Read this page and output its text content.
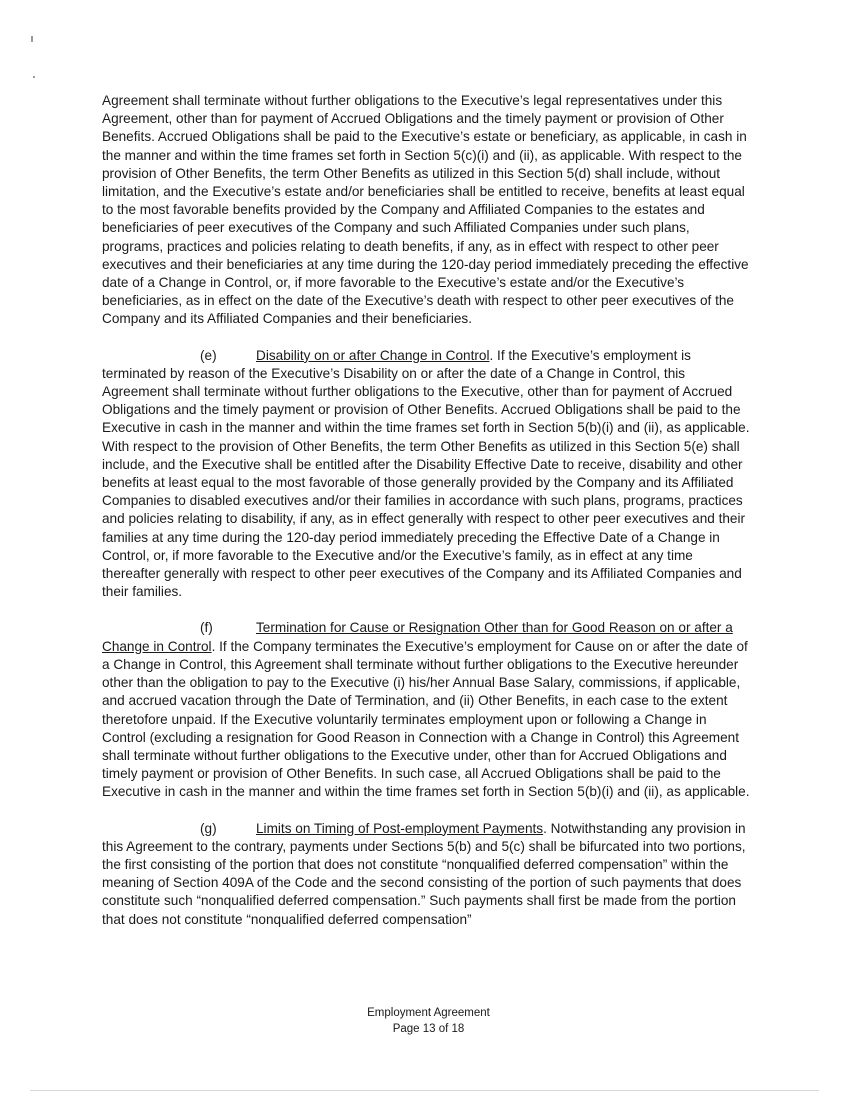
Agreement shall terminate without further obligations to the Executive’s legal representatives under this Agreement, other than for payment of Accrued Obligations and the timely payment or provision of Other Benefits. Accrued Obligations shall be paid to the Executive’s estate or beneficiary, as applicable, in cash in the manner and within the time frames set forth in Section 5(c)(i) and (ii), as applicable. With respect to the provision of Other Benefits, the term Other Benefits as utilized in this Section 5(d) shall include, without limitation, and the Executive’s estate and/or beneficiaries shall be entitled to receive, benefits at least equal to the most favorable benefits provided by the Company and Affiliated Companies to the estates and beneficiaries of peer executives of the Company and such Affiliated Companies under such plans, programs, practices and policies relating to death benefits, if any, as in effect with respect to other peer executives and their beneficiaries at any time during the 120-day period immediately preceding the effective date of a Change in Control, or, if more favorable to the Executive’s estate and/or the Executive’s beneficiaries, as in effect on the date of the Executive’s death with respect to other peer executives of the Company and its Affiliated Companies and their beneficiaries.

(e)	Disability on or after Change in Control. If the Executive’s employment is terminated by reason of the Executive’s Disability on or after the date of a Change in Control, this Agreement shall terminate without further obligations to the Executive, other than for payment of Accrued Obligations and the timely payment or provision of Other Benefits. Accrued Obligations shall be paid to the Executive in cash in the manner and within the time frames set forth in Section 5(b)(i) and (ii), as applicable. With respect to the provision of Other Benefits, the term Other Benefits as utilized in this Section 5(e) shall include, and the Executive shall be entitled after the Disability Effective Date to receive, disability and other benefits at least equal to the most favorable of those generally provided by the Company and its Affiliated Companies to disabled executives and/or their families in accordance with such plans, programs, practices and policies relating to disability, if any, as in effect generally with respect to other peer executives and their families at any time during the 120-day period immediately preceding the Effective Date of a Change in Control, or, if more favorable to the Executive and/or the Executive’s family, as in effect at any time thereafter generally with respect to other peer executives of the Company and its Affiliated Companies and their families.

(f)	Termination for Cause or Resignation Other than for Good Reason on or after a Change in Control. If the Company terminates the Executive’s employment for Cause on or after the date of a Change in Control, this Agreement shall terminate without further obligations to the Executive hereunder other than the obligation to pay to the Executive (i) his/her Annual Base Salary, commissions, if applicable, and accrued vacation through the Date of Termination, and (ii) Other Benefits, in each case to the extent theretofore unpaid. If the Executive voluntarily terminates employment upon or following a Change in Control (excluding a resignation for Good Reason in Connection with a Change in Control) this Agreement shall terminate without further obligations to the Executive under, other than for Accrued Obligations and timely payment or provision of Other Benefits. In such case, all Accrued Obligations shall be paid to the Executive in cash in the manner and within the time frames set forth in Section 5(b)(i) and (ii), as applicable.

(g)	Limits on Timing of Post-employment Payments. Notwithstanding any provision in this Agreement to the contrary, payments under Sections 5(b) and 5(c) shall be bifurcated into two portions, the first consisting of the portion that does not constitute “nonqualified deferred compensation” within the meaning of Section 409A of the Code and the second consisting of the portion of such payments that does constitute such “nonqualified deferred compensation.” Such payments shall first be made from the portion that does not constitute “nonqualified deferred compensation”

Employment Agreement
Page 13 of 18
